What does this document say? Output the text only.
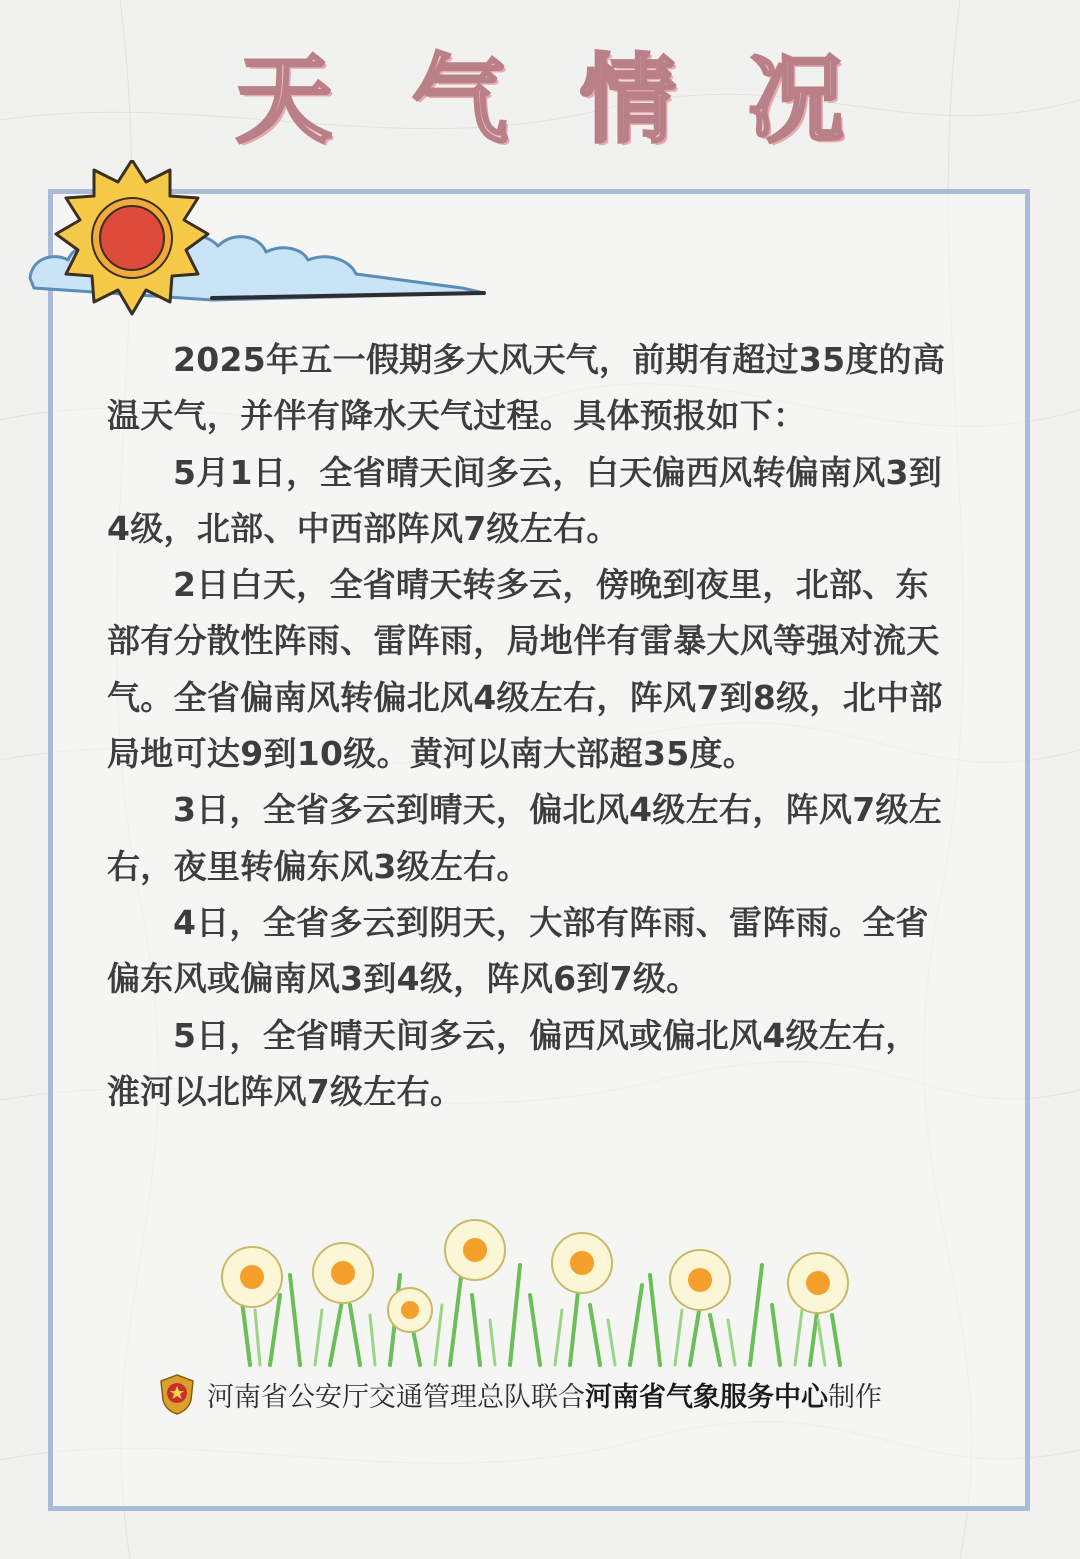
天 气 情 况

2025年五一假期多大风天气，前期有超过35度的高温天气，并伴有降水天气过程。具体预报如下：

5月1日，全省晴天间多云，白天偏西风转偏南风3到4级，北部、中西部阵风7级左右。

2日白天，全省晴天转多云，傍晚到夜里，北部、东部有分散性阵雨、雷阵雨，局地伴有雷暴大风等强对流天气。全省偏南风转偏北风4级左右，阵风7到8级，北中部局地可达9到10级。黄河以南大部超35度。

3日，全省多云到晴天，偏北风4级左右，阵风7级左右，夜里转偏东风3级左右。

4日，全省多云到阴天，大部有阵雨、雷阵雨。全省偏东风或偏南风3到4级，阵风6到7级。

5日，全省晴天间多云，偏西风或偏北风4级左右，淮河以北阵风7级左右。

河南省公安厅交通管理总队联合河南省气象服务中心制作
